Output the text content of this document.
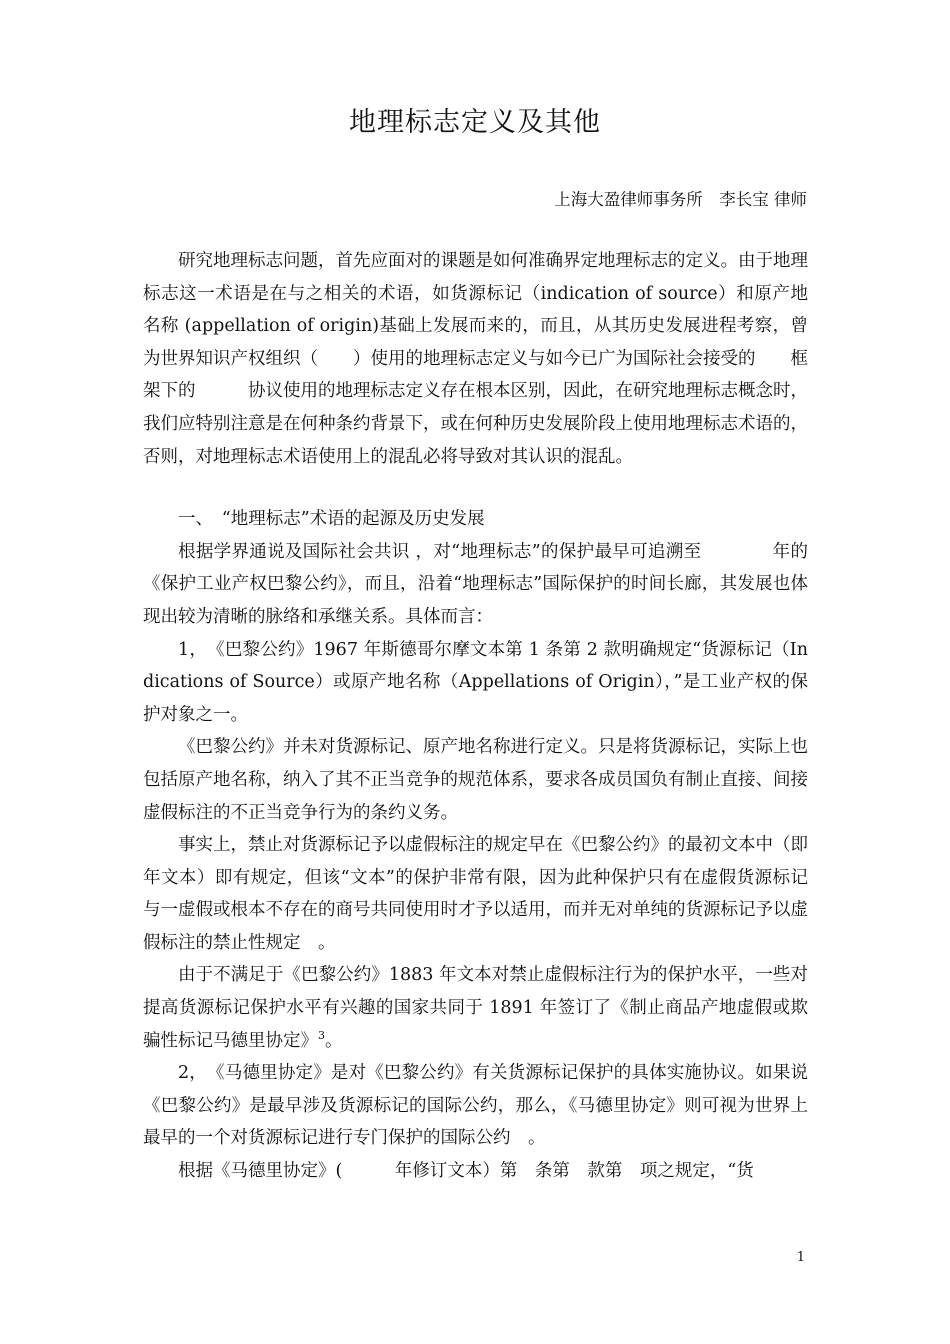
地理标志定义及其他
上海大盈律师事务所　李长宝 律师

研究地理标志问题，首先应面对的课题是如何准确界定地理标志的定义。由于地理标志这一术语是在与之相关的术语，如货源标记（indication of source）和原产地名称 (appellation of origin)基础上发展而来的，而且，从其历史发展进程考察，曾为世界知识产权组织（　　）使用的地理标志定义与如今已广为国际社会接受的　　框架下的　　　协议使用的地理标志定义存在根本区别，因此，在研究地理标志概念时，我们应特别注意是在何种条约背景下，或在何种历史发展阶段上使用地理标志术语的，否则，对地理标志术语使用上的混乱必将导致对其认识的混乱。

一、　“地理标志”术语的起源及历史发展

根据学界通说及国际社会共识 ，对“地理标志”的保护最早可追溯至　　　　年的《保护工业产权巴黎公约》，而且，沿着“地理标志”国际保护的时间长廊，其发展也体现出较为清晰的脉络和承继关系。具体而言：

1，　《巴黎公约》1967 年斯德哥尔摩文本第 1 条第 2 款明确规定“货源标记（Indications of Source）或原产地名称（Appellations of Origin），”是工业产权的保护对象之一。

《巴黎公约》并未对货源标记、原产地名称进行定义。只是将货源标记，实际上也包括原产地名称，纳入了其不正当竞争的规范体系，要求各成员国负有制止直接、间接虚假标注的不正当竞争行为的条约义务。

事实上，禁止对货源标记予以虚假标注的规定早在《巴黎公约》的最初文本中（即　　　年文本）即有规定，但该“文本”的保护非常有限，因为此种保护只有在虚假货源标记与一虚假或根本不存在的商号共同使用时才予以适用，而并无对单纯的货源标记予以虚假标注的禁止性规定　。

由于不满足于《巴黎公约》1883 年文本对禁止虚假标注行为的保护水平，一些对提高货源标记保护水平有兴趣的国家共同于 1891 年签订了《制止商品产地虚假或欺骗性标记马德里协定》$^3$。

2，　《马德里协定》是对《巴黎公约》有关货源标记保护的具体实施协议。如果说《巴黎公约》是最早涉及货源标记的国际公约，那么，《马德里协定》则可视为世界上最早的一个对货源标记进行专门保护的国际公约　。

根据《马德里协定》(　　　年修订文本）第　条第　款第　项之规定，“货

1
